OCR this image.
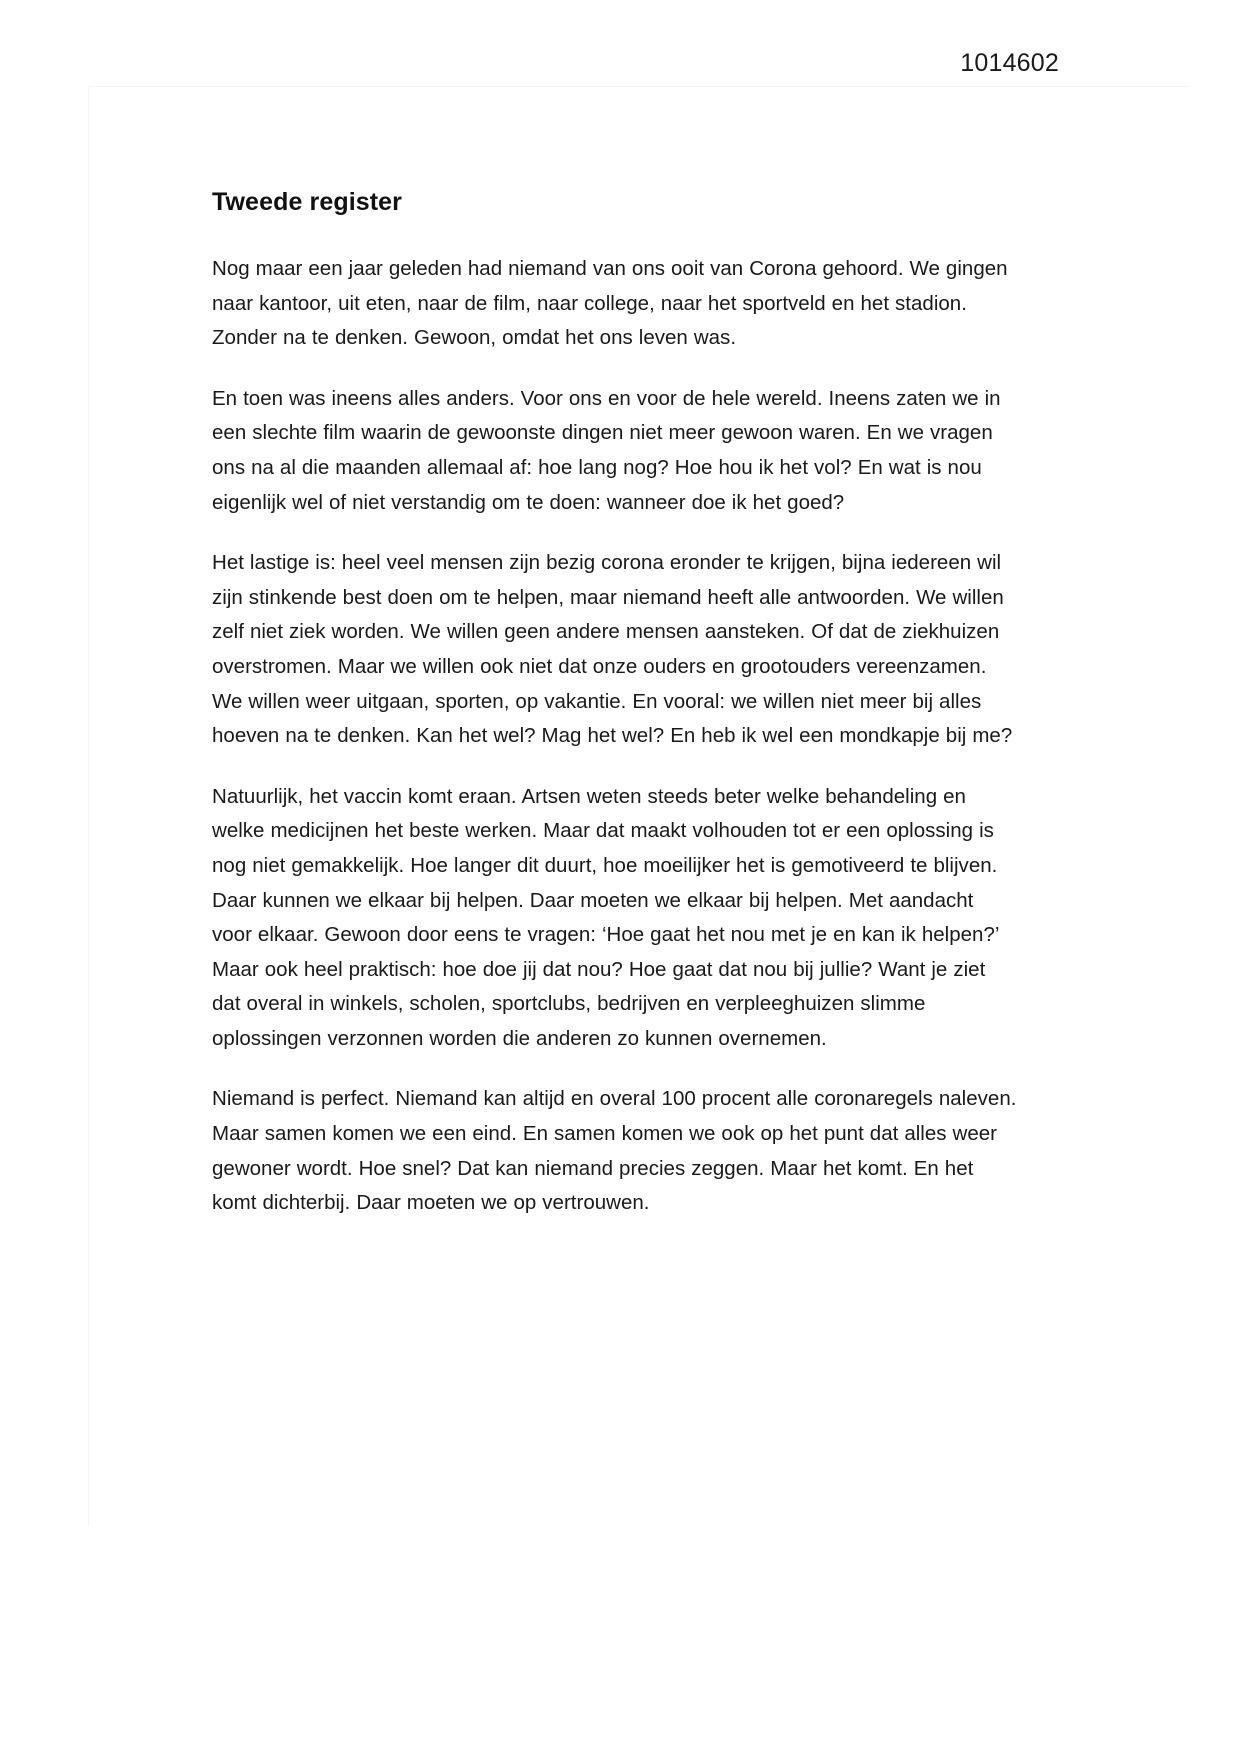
1014602
Tweede register

Nog maar een jaar geleden had niemand van ons ooit van Corona gehoord. We gingen naar kantoor, uit eten, naar de film, naar college, naar het sportveld en het stadion. Zonder na te denken. Gewoon, omdat het ons leven was.

En toen was ineens alles anders. Voor ons en voor de hele wereld. Ineens zaten we in een slechte film waarin de gewoonste dingen niet meer gewoon waren. En we vragen ons na al die maanden allemaal af: hoe lang nog? Hoe hou ik het vol? En wat is nou eigenlijk wel of niet verstandig om te doen: wanneer doe ik het goed?

Het lastige is: heel veel mensen zijn bezig corona eronder te krijgen, bijna iedereen wil zijn stinkende best doen om te helpen, maar niemand heeft alle antwoorden. We willen zelf niet ziek worden. We willen geen andere mensen aansteken. Of dat de ziekhuizen overstromen. Maar we willen ook niet dat onze ouders en grootouders vereenzamen. We willen weer uitgaan, sporten, op vakantie. En vooral: we willen niet meer bij alles hoeven na te denken. Kan het wel? Mag het wel? En heb ik wel een mondkapje bij me?

Natuurlijk, het vaccin komt eraan. Artsen weten steeds beter welke behandeling en welke medicijnen het beste werken. Maar dat maakt volhouden tot er een oplossing is nog niet gemakkelijk. Hoe langer dit duurt, hoe moeilijker het is gemotiveerd te blijven. Daar kunnen we elkaar bij helpen. Daar moeten we elkaar bij helpen. Met aandacht voor elkaar. Gewoon door eens te vragen: ‘Hoe gaat het nou met je en kan ik helpen?’ Maar ook heel praktisch: hoe doe jij dat nou? Hoe gaat dat nou bij jullie? Want je ziet dat overal in winkels, scholen, sportclubs, bedrijven en verpleeghuizen slimme oplossingen verzonnen worden die anderen zo kunnen overnemen.

Niemand is perfect. Niemand kan altijd en overal 100 procent alle coronaregels naleven. Maar samen komen we een eind. En samen komen we ook op het punt dat alles weer gewoner wordt. Hoe snel? Dat kan niemand precies zeggen. Maar het komt. En het komt dichterbij. Daar moeten we op vertrouwen.
